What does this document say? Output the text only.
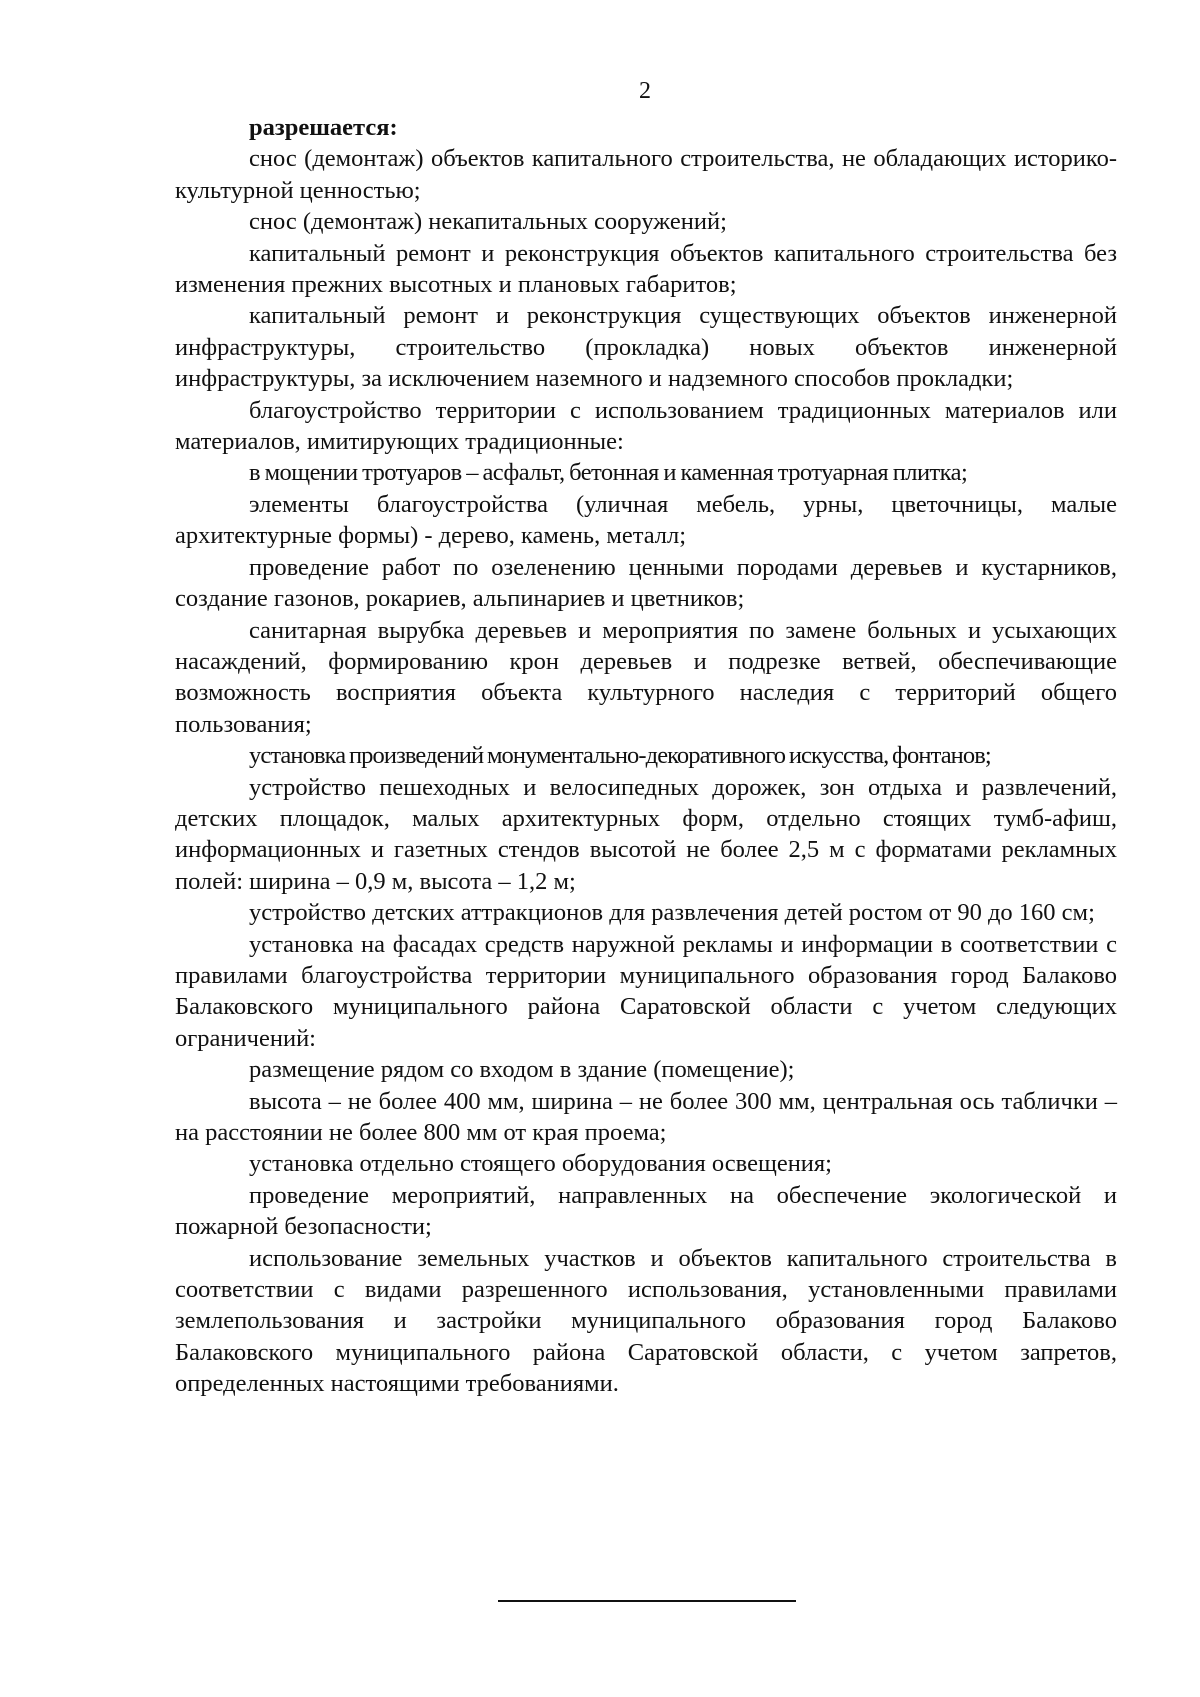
2

разрешается:

снос (демонтаж) объектов капитального строительства, не обладающих историко-культурной ценностью;

снос (демонтаж) некапитальных сооружений;

капитальный ремонт и реконструкция объектов капитального строительства без изменения прежних высотных и плановых габаритов;

капитальный ремонт и реконструкция существующих объектов инженерной инфраструктуры, строительство (прокладка) новых объектов инженерной инфраструктуры, за исключением наземного и надземного способов прокладки;

благоустройство территории с использованием традиционных материалов или материалов, имитирующих традиционные:

в мощении тротуаров – асфальт, бетонная и каменная тротуарная плитка;

элементы благоустройства (уличная мебель, урны, цветочницы, малые архитектурные формы) - дерево, камень, металл;

проведение работ по озеленению ценными породами деревьев и кустарников, создание газонов, рокариев, альпинариев и цветников;

санитарная вырубка деревьев и мероприятия по замене больных и усыхающих насаждений, формированию крон деревьев и подрезке ветвей, обеспечивающие возможность восприятия объекта культурного наследия с территорий общего пользования;

установка произведений монументально-декоративного искусства, фонтанов;

устройство пешеходных и велосипедных дорожек, зон отдыха и развлечений, детских площадок, малых архитектурных форм, отдельно стоящих тумб-афиш, информационных и газетных стендов высотой не более 2,5 м с форматами рекламных полей: ширина – 0,9 м, высота – 1,2 м;

устройство детских аттракционов для развлечения детей ростом от 90 до 160 см;

установка на фасадах средств наружной рекламы и информации в соответствии с правилами благоустройства территории муниципального образования город Балаково Балаковского муниципального района Саратовской области с учетом следующих ограничений:

размещение рядом со входом в здание (помещение);

высота – не более 400 мм, ширина – не более 300 мм, центральная ось таблички – на расстоянии не более 800 мм от края проема;

установка отдельно стоящего оборудования освещения;

проведение мероприятий, направленных на обеспечение экологической и пожарной безопасности;

использование земельных участков и объектов капитального строительства в соответствии с видами разрешенного использования, установленными правилами землепользования и застройки муниципального образования город Балаково Балаковского муниципального района Саратовской области, с учетом запретов, определенных настоящими требованиями.
